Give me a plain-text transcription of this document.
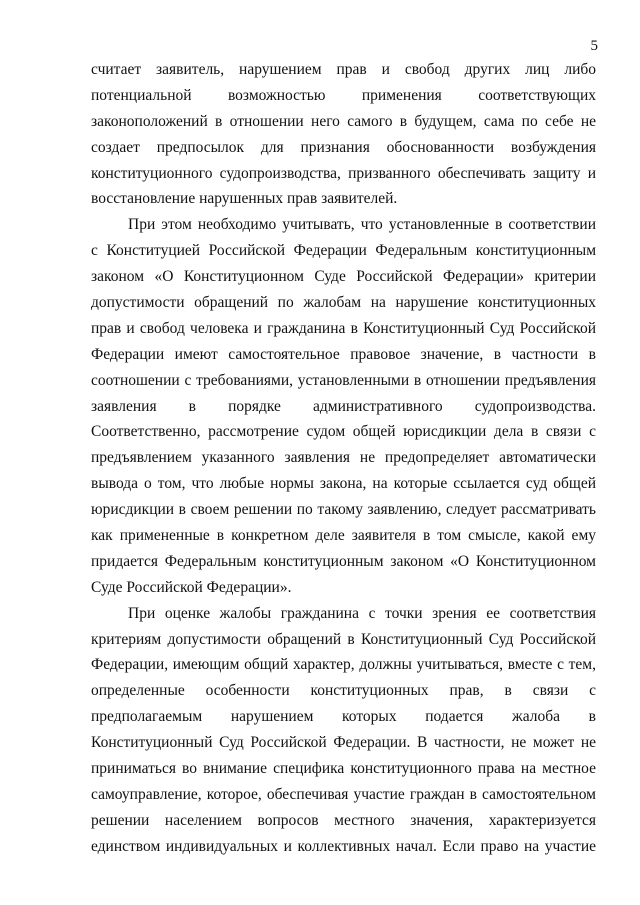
5
считает заявитель, нарушением прав и свобод других лиц либо
потенциальной возможностью применения соответствующих
законоположений в отношении него самого в будущем, сама по себе не
создает предпосылок для признания обоснованности возбуждения
конституционного судопроизводства, призванного обеспечивать защиту и
восстановление нарушенных прав заявителей.
При этом необходимо учитывать, что установленные в соответствии
с Конституцией Российской Федерации Федеральным конституционным
законом «О Конституционном Суде Российской Федерации» критерии
допустимости обращений по жалобам на нарушение конституционных
прав и свобод человека и гражданина в Конституционный Суд Российской
Федерации имеют самостоятельное правовое значение, в частности в
соотношении с требованиями, установленными в отношении предъявления
заявления в порядке административного судопроизводства.
Соответственно, рассмотрение судом общей юрисдикции дела в связи с
предъявлением указанного заявления не предопределяет автоматически
вывода о том, что любые нормы закона, на которые ссылается суд общей
юрисдикции в своем решении по такому заявлению, следует рассматривать
как примененные в конкретном деле заявителя в том смысле, какой ему
придается Федеральным конституционным законом «О Конституционном
Суде Российской Федерации».
При оценке жалобы гражданина с точки зрения ее соответствия
критериям допустимости обращений в Конституционный Суд Российской
Федерации, имеющим общий характер, должны учитываться, вместе с тем,
определенные особенности конституционных прав, в связи с
предполагаемым нарушением которых подается жалоба в
Конституционный Суд Российской Федерации. В частности, не может не
приниматься во внимание специфика конституционного права на местное
самоуправление, которое, обеспечивая участие граждан в самостоятельном
решении населением вопросов местного значения, характеризуется
единством индивидуальных и коллективных начал. Если право на участие
